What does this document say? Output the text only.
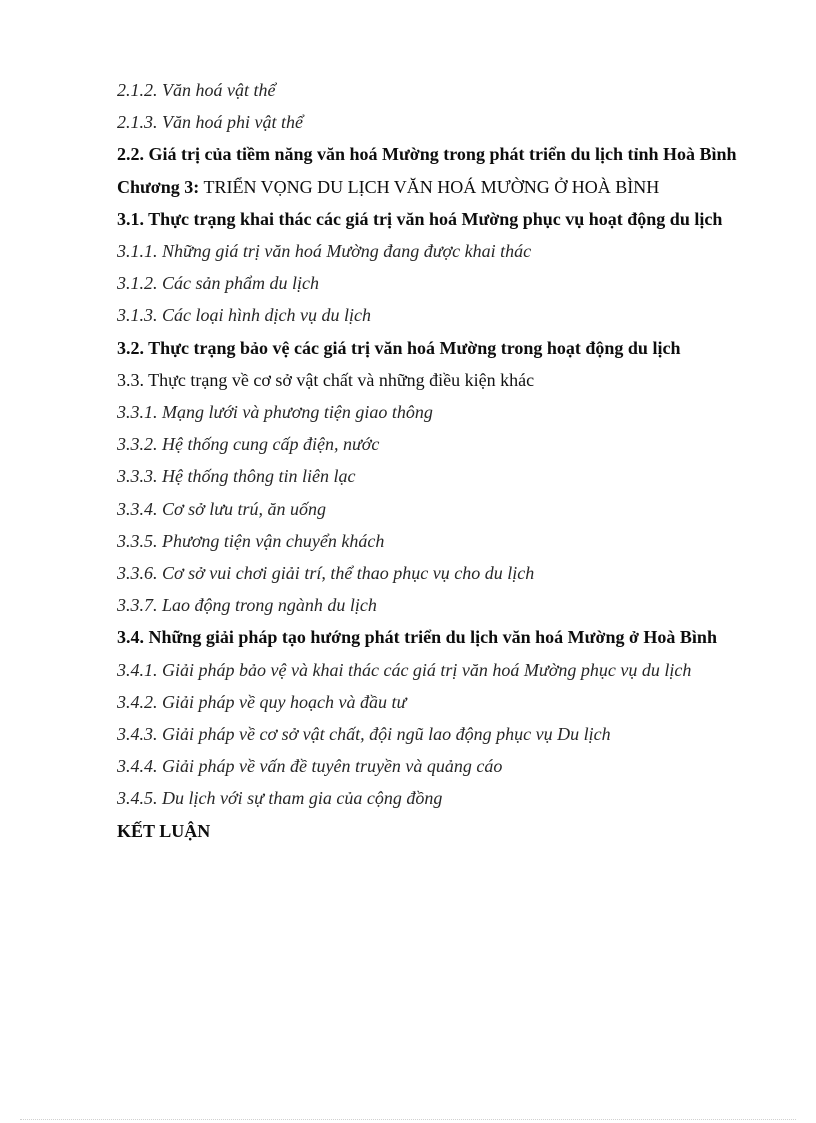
2.1.2. Văn hoá vật thể
2.1.3. Văn hoá phi vật thể
2.2. Giá trị của tiềm năng văn hoá Mường trong phát triển du lịch tỉnh Hoà Bình
Chương 3: TRIỂN VỌNG DU LỊCH VĂN HOÁ MƯỜNG Ở HOÀ BÌNH
3.1. Thực trạng khai thác các giá trị văn hoá Mường phục vụ hoạt động du lịch
3.1.1. Những giá trị văn hoá Mường đang được khai thác
3.1.2. Các sản phẩm du lịch
3.1.3. Các loại hình dịch vụ du lịch
3.2. Thực trạng bảo vệ các giá trị văn hoá Mường trong hoạt động du lịch
3.3. Thực trạng về cơ sở vật chất và những điều kiện khác
3.3.1. Mạng lưới và phương tiện giao thông
3.3.2. Hệ thống cung cấp điện, nước
3.3.3. Hệ thống thông tin liên lạc
3.3.4. Cơ sở lưu trú, ăn uống
3.3.5. Phương tiện vận chuyển khách
3.3.6. Cơ sở vui chơi giải trí, thể thao phục vụ cho du lịch
3.3.7. Lao động trong ngành du lịch
3.4. Những giải pháp tạo hướng phát triển du lịch văn hoá Mường ở Hoà Bình
3.4.1. Giải pháp bảo vệ và khai thác các giá trị văn hoá Mường phục vụ du lịch
3.4.2. Giải pháp về quy hoạch và đầu tư
3.4.3. Giải pháp về cơ sở vật chất, đội ngũ lao động phục vụ Du lịch
3.4.4. Giải pháp về vấn đề tuyên truyền và quảng cáo
3.4.5. Du lịch với sự tham gia của cộng đồng
KẾT LUẬN
